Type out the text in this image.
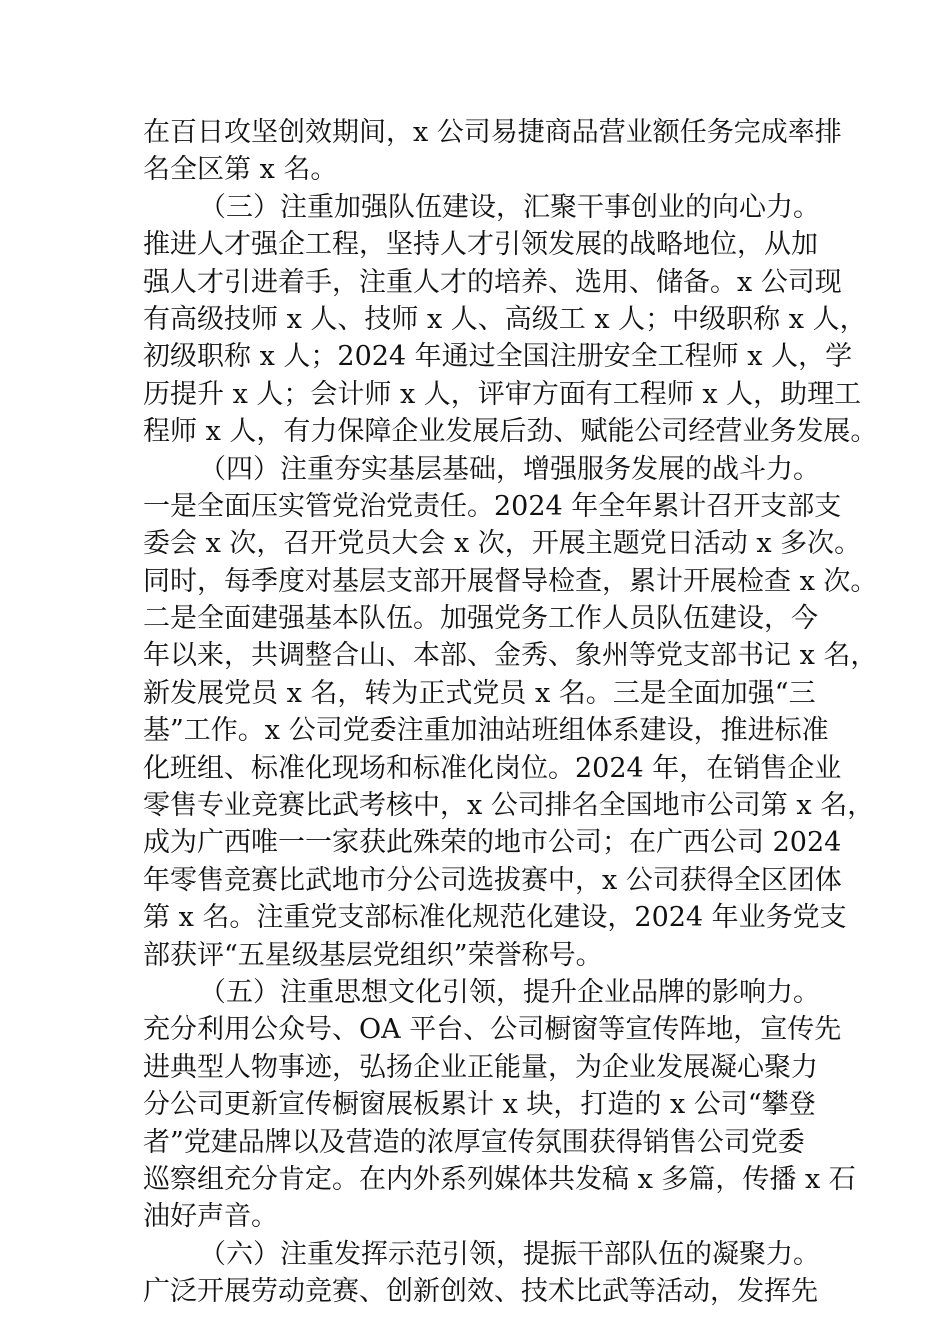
在百日攻坚创效期间，x 公司易捷商品营业额任务完成率排
名全区第 x 名。
（三）注重加强队伍建设，汇聚干事创业的向心力。
推进人才强企工程，坚持人才引领发展的战略地位，从加
强人才引进着手，注重人才的培养、选用、储备。x 公司现
有高级技师 x 人、技师 x 人、高级工 x 人；中级职称 x 人，
初级职称 x 人；2024 年通过全国注册安全工程师 x 人，学
历提升 x 人；会计师 x 人，评审方面有工程师 x 人，助理工
程师 x 人，有力保障企业发展后劲、赋能公司经营业务发展。
（四）注重夯实基层基础，增强服务发展的战斗力。
一是全面压实管党治党责任。2024 年全年累计召开支部支
委会 x 次，召开党员大会 x 次，开展主题党日活动 x 多次。
同时，每季度对基层支部开展督导检查，累计开展检查 x 次。
二是全面建强基本队伍。加强党务工作人员队伍建设，今
年以来，共调整合山、本部、金秀、象州等党支部书记 x 名，
新发展党员 x 名，转为正式党员 x 名。三是全面加强“三
基”工作。x 公司党委注重加油站班组体系建设，推进标准
化班组、标准化现场和标准化岗位。2024 年，在销售企业
零售专业竞赛比武考核中，x 公司排名全国地市公司第 x 名，
成为广西唯一一家获此殊荣的地市公司；在广西公司 2024
年零售竞赛比武地市分公司选拔赛中，x 公司获得全区团体
第 x 名。注重党支部标准化规范化建设，2024 年业务党支
部获评“五星级基层党组织”荣誉称号。
（五）注重思想文化引领，提升企业品牌的影响力。
充分利用公众号、OA 平台、公司橱窗等宣传阵地，宣传先
进典型人物事迹，弘扬企业正能量，为企业发展凝心聚力
分公司更新宣传橱窗展板累计 x 块，打造的 x 公司“攀登
者”党建品牌以及营造的浓厚宣传氛围获得销售公司党委
巡察组充分肯定。在内外系列媒体共发稿 x 多篇，传播 x 石
油好声音。
（六）注重发挥示范引领，提振干部队伍的凝聚力。
广泛开展劳动竞赛、创新创效、技术比武等活动，发挥先
